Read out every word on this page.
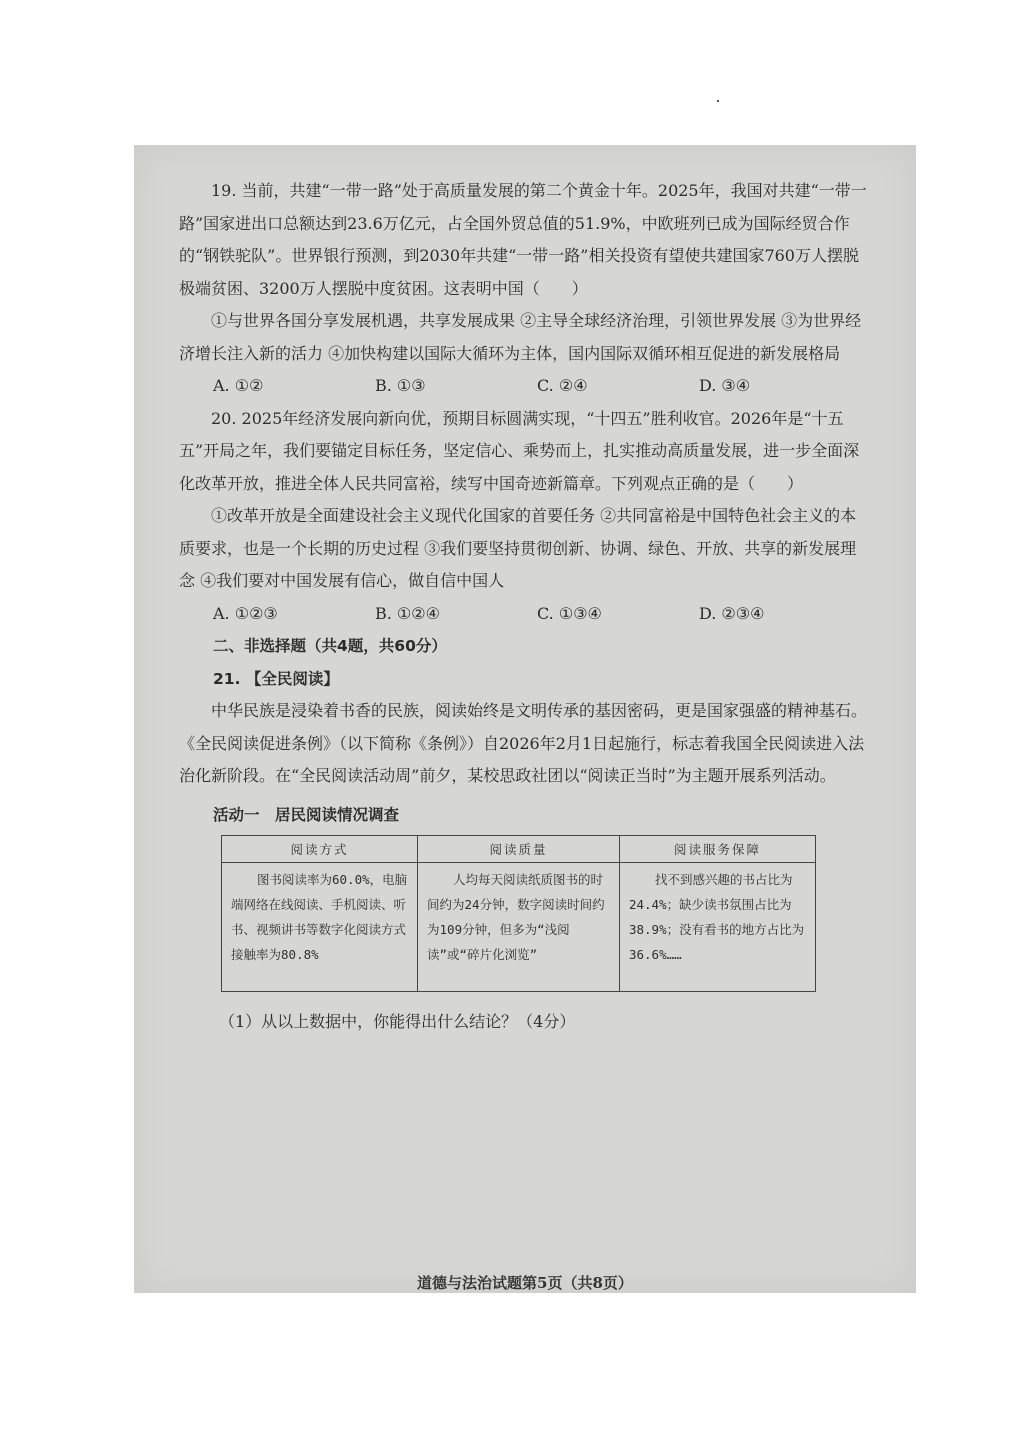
19. 当前，共建“一带一路”处于高质量发展的第二个黄金十年。2025年，我国对共建“一带一路”国家进出口总额达到23.6万亿元，占全国外贸总值的51.9%，中欧班列已成为国际经贸合作的“钢铁驼队”。世界银行预测，到2030年共建“一带一路”相关投资有望使共建国家760万人摆脱极端贫困、3200万人摆脱中度贫困。这表明中国（　　）

①与世界各国分享发展机遇，共享发展成果 ②主导全球经济治理，引领世界发展 ③为世界经济增长注入新的活力 ④加快构建以国际大循环为主体，国内国际双循环相互促进的新发展格局

A. ①②	B. ①③	C. ②④	D. ③④

20. 2025年经济发展向新向优，预期目标圆满实现，“十四五”胜利收官。2026年是“十五五”开局之年，我们要锚定目标任务，坚定信心、乘势而上，扎实推动高质量发展，进一步全面深化改革开放，推进全体人民共同富裕，续写中国奇迹新篇章。下列观点正确的是（　　）

①改革开放是全面建设社会主义现代化国家的首要任务 ②共同富裕是中国特色社会主义的本质要求，也是一个长期的历史过程 ③我们要坚持贯彻创新、协调、绿色、开放、共享的新发展理念 ④我们要对中国发展有信心，做自信中国人

A. ①②③	B. ①②④	C. ①③④	D. ②③④

二、非选择题（共4题，共60分）

21. 【全民阅读】

中华民族是浸染着书香的民族，阅读始终是文明传承的基因密码，更是国家强盛的精神基石。《全民阅读促进条例》（以下简称《条例》）自2026年2月1日起施行，标志着我国全民阅读进入法治化新阶段。在“全民阅读活动周”前夕，某校思政社团以“阅读正当时”为主题开展系列活动。

活动一　居民阅读情况调查

阅读方式	阅读质量	阅读服务保障
图书阅读率为60.0%，电脑端网络在线阅读、手机阅读、听书、视频讲书等数字化阅读方式接触率为80.8%	人均每天阅读纸质图书的时间约为24分钟，数字阅读时间约为109分钟，但多为“浅阅读”或“碎片化浏览”	找不到感兴趣的书占比为24.4%；缺少读书氛围占比为38.9%；没有看书的地方占比为36.6%……

（1）从以上数据中，你能得出什么结论？（4分）

道德与法治试题第5页（共8页）
